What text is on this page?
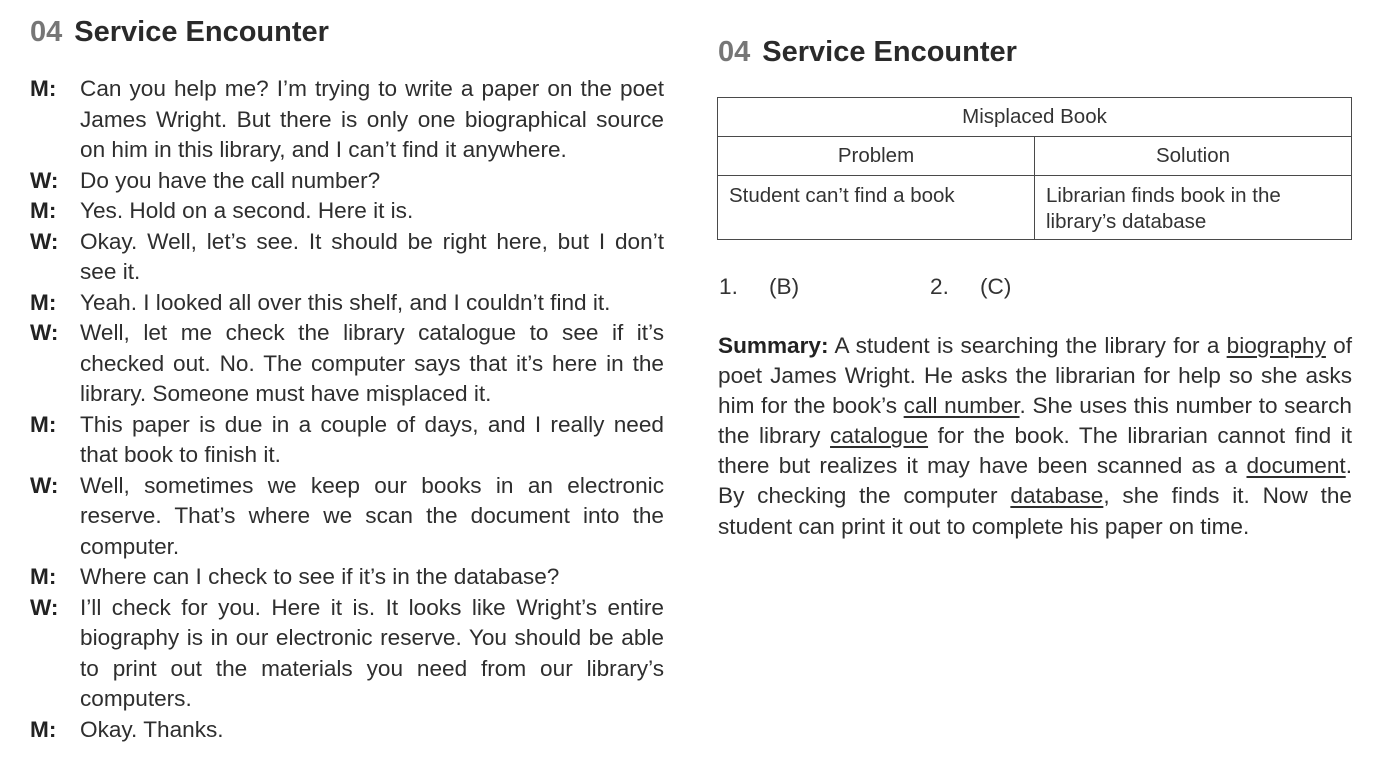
04 Service Encounter
M:	Can you help me? I’m trying to write a paper on the poet James Wright. But there is only one biographical source on him in this library, and I can’t find it anywhere.
W: Do you have the call number?
M:	Yes. Hold on a second. Here it is.
W: Okay. Well, let’s see. It should be right here, but I don’t see it.
M:	Yeah. I looked all over this shelf, and I couldn’t find it.
W: Well, let me check the library catalogue to see if it’s checked out. No. The computer says that it’s here in the library. Someone must have misplaced it.
M:	This paper is due in a couple of days, and I really need that book to finish it.
W: Well, sometimes we keep our books in an electronic reserve. That’s where we scan the document into the computer.
M:	Where can I check to see if it’s in the database?
W: I’ll check for you. Here it is. It looks like Wright’s entire biography is in our electronic reserve. You should be able to print out the materials you need from our library’s computers.
M:	Okay. Thanks.
04 Service Encounter
Misplaced Book	
Problem	Solution
Student can’t find a book	Librarian finds book in the library’s database
1. (B)	2. (C)
Summary: A student is searching the library for a biography of poet James Wright. He asks the librarian for help so she asks him for the book’s call number. She uses this number to search the library catalogue for the book. The librarian cannot find it there but realizes it may have been scanned as a document. By checking the computer database, she finds it. Now the student can print it out to complete his paper on time.
